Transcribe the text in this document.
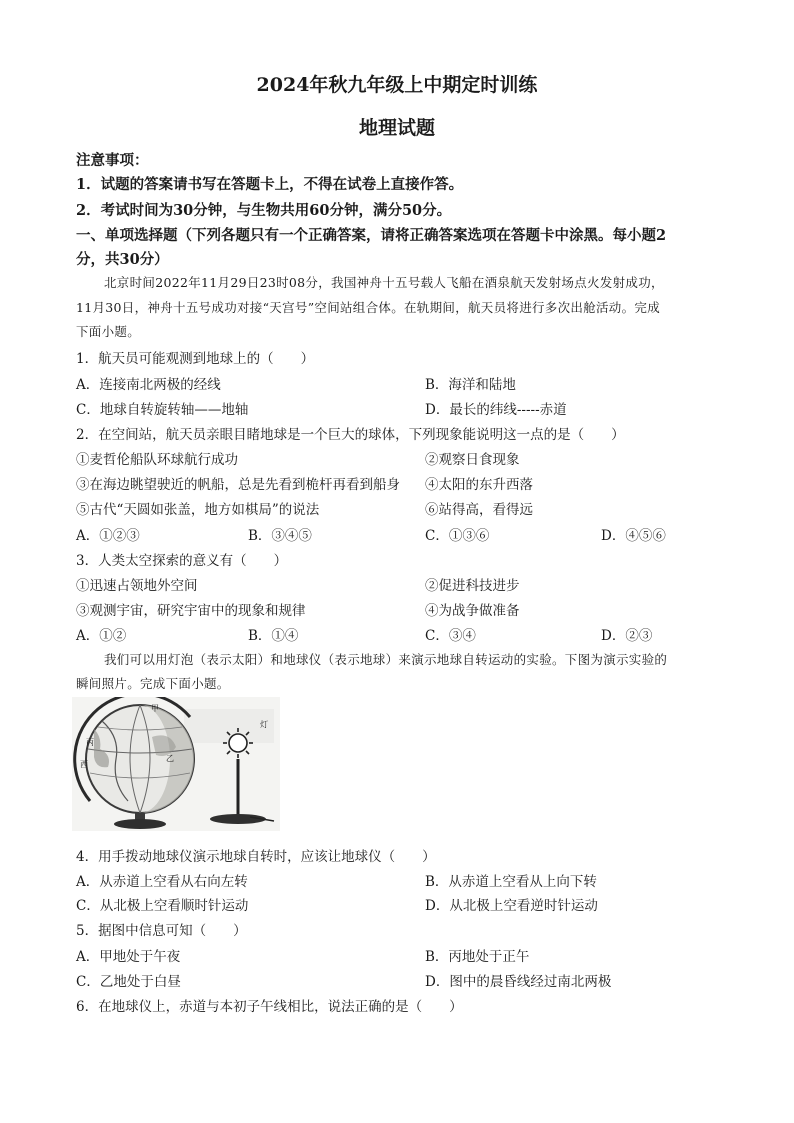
2024年秋九年级上中期定时训练
地理试题
注意事项：
1．试题的答案请书写在答题卡上，不得在试卷上直接作答。
2．考试时间为30分钟，与生物共用60分钟，满分50分。
一、单项选择题（下列各题只有一个正确答案，请将正确答案选项在答题卡中涂黑。每小题2
分，共30分）
北京时间2022年11月29日23时08分，我国神舟十五号载人飞船在酒泉航天发射场点火发射成功，
11月30日，神舟十五号成功对接“天宫号”空间站组合体。在轨期间，航天员将进行多次出舱活动。完成
下面小题。
1．航天员可能观测到地球上的（　　）
A．连接南北两极的经线	B．海洋和陆地
C．地球自转旋转轴——地轴	D．最长的纬线-----赤道
2．在空间站，航天员亲眼目睹地球是一个巨大的球体，下列现象能说明这一点的是（　　）
①麦哲伦船队环球航行成功	②观察日食现象
③在海边眺望驶近的帆船，总是先看到桅杆再看到船身 ④太阳的东升西落
⑤古代“天圆如张盖，地方如棋局”的说法	⑥站得高，看得远
A．①②③	B．③④⑤	C．①③⑥	D．④⑤⑥
3．人类太空探索的意义有（　　）
①迅速占领地外空间	②促进科技进步
③观测宇宙，研究宇宙中的现象和规律	④为战争做准备
A．①②	B．①④	C．③④	D．②③
我们可以用灯泡（表示太阳）和地球仪（表示地球）来演示地球自转运动的实验。下图为演示实验的
瞬间照片。完成下面小题。
甲
丙
乙
西
灯
4．用手拨动地球仪演示地球自转时，应该让地球仪（　　）
A．从赤道上空看从右向左转	B．从赤道上空看从上向下转
C．从北极上空看顺时针运动	D．从北极上空看逆时针运动
5．据图中信息可知（　　）
A．甲地处于午夜	B．丙地处于正午
C．乙地处于白昼	D．图中的晨昏线经过南北两极
6．在地球仪上，赤道与本初子午线相比，说法正确的是（　　）
